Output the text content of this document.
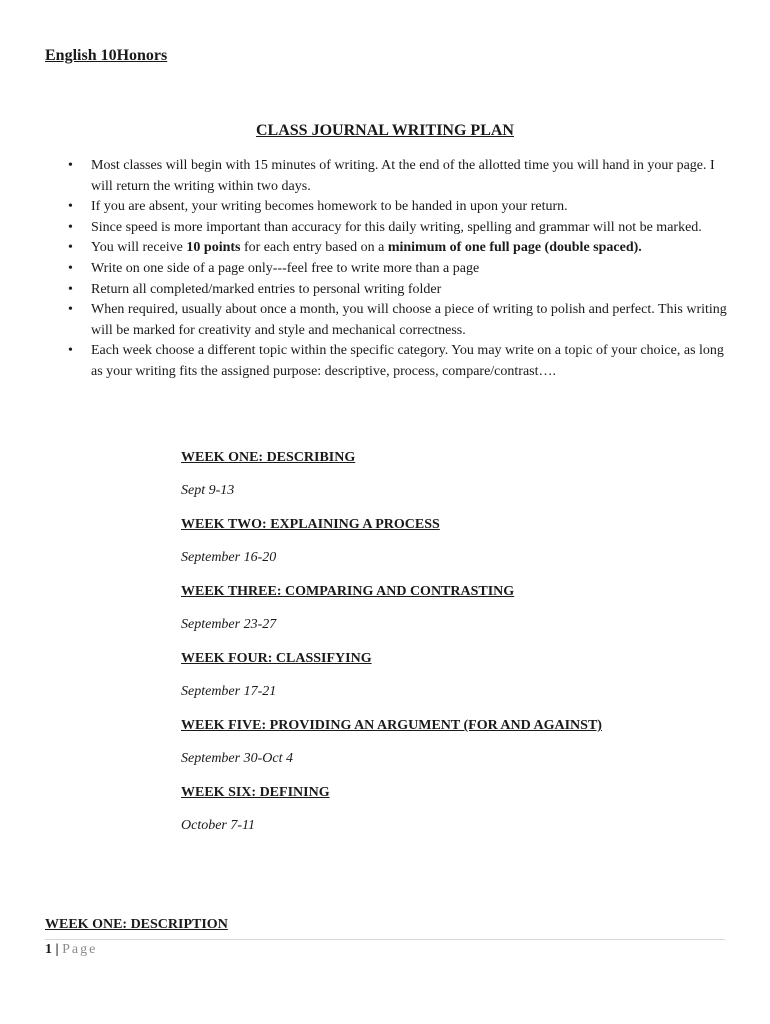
English 10Honors

CLASS JOURNAL WRITING PLAN

• Most classes will begin with 15 minutes of writing. At the end of the allotted time you will hand in your page. I will return the writing within two days.
• If you are absent, your writing becomes homework to be handed in upon your return.
• Since speed is more important than accuracy for this daily writing, spelling and grammar will not be marked.
• You will receive 10 points for each entry based on a minimum of one full page (double spaced).
• Write on one side of a page only---feel free to write more than a page
• Return all completed/marked entries to personal writing folder
• When required, usually about once a month, you will choose a piece of writing to polish and perfect. This writing will be marked for creativity and style and mechanical correctness.
• Each week choose a different topic within the specific category. You may write on a topic of your choice, as long as your writing fits the assigned purpose: descriptive, process, compare/contrast….

WEEK ONE: DESCRIBING

Sept 9-13

WEEK TWO: EXPLAINING A PROCESS

September 16-20

WEEK THREE: COMPARING AND CONTRASTING

September 23-27

WEEK FOUR: CLASSIFYING

September 17-21

WEEK FIVE: PROVIDING AN ARGUMENT (FOR AND AGAINST)

September 30-Oct 4

WEEK SIX: DEFINING

October 7-11

WEEK ONE: DESCRIPTION

1 | Page
